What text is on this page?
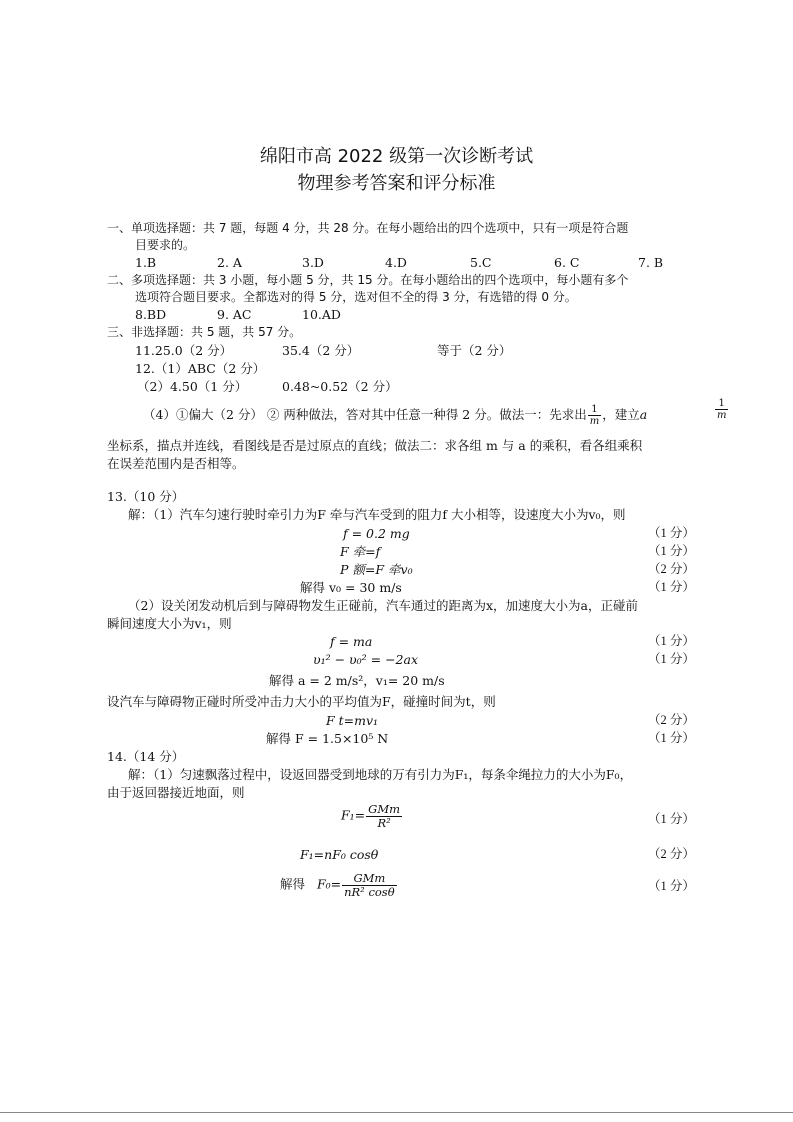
绵阳市高 2022 级第一次诊断考试
物理参考答案和评分标准
一、单项选择题：共 7 题，每题 4 分，共 28 分。在每小题给出的四个选项中，只有一项是符合题
目要求的。
1.B	2. A	3.D	4.D	5.C	6. C	7. B
二、多项选择题：共 3 小题，每小题 5 分，共 15 分。在每小题给出的四个选项中，每小题有多个
选项符合题目要求。全都选对的得 5 分，选对但不全的得 3 分，有选错的得 0 分。
8.BD	9. AC	10.AD
三、非选择题：共 5 题，共 57 分。
11.25.0（2 分）	35.4（2 分）	等于（2 分）
12.（1）ABC（2 分）
（2）4.50（1 分）	0.48~0.52（2 分）
（4）①偏大（2 分） ② 两种做法，答对其中任意一种得 2 分。做法一：先求出 $\frac{1}{m}$ ，建立a	$\frac{1}{m}$
坐标系，描点并连线，看图线是否是过原点的直线；做法二：求各组 m 与 a 的乘积，看各组乘积
在误差范围内是否相等。
13.（10 分）
解：（1）汽车匀速行驶时牵引力为F 牵与汽车受到的阻力f 大小相等，设速度大小为v₀，则
f = 0.2 mg	（1 分）
F 牵=f	（1 分）
P 额=F 牵v₀	（2 分）
解得 v₀ = 30 m/s	（1 分）
（2）设关闭发动机后到与障碍物发生正碰前，汽车通过的距离为x，加速度大小为a，正碰前
瞬间速度大小为v₁，则
f = ma	（1 分）
υ₁² − υ₀² = −2ax	（1 分）
解得 a = 2 m/s²，v₁= 20 m/s
设汽车与障碍物正碰时所受冲击力大小的平均值为F，碰撞时间为t，则
F t=mv₁	（2 分）
解得 F = 1.5×10⁵ N	（1 分）
14.（14 分）
解：（1）匀速飘落过程中，设返回器受到地球的万有引力为F₁，每条伞绳拉力的大小为F₀，
由于返回器接近地面，则
$F_1= \frac{\text{GMm}}{\text{R²}}$	（1 分）
F₁=nF₀ cosθ	（2 分）
解得 $F_0= \frac{\text{GMm}}{\text{nR² cosθ}}$	（1 分）
